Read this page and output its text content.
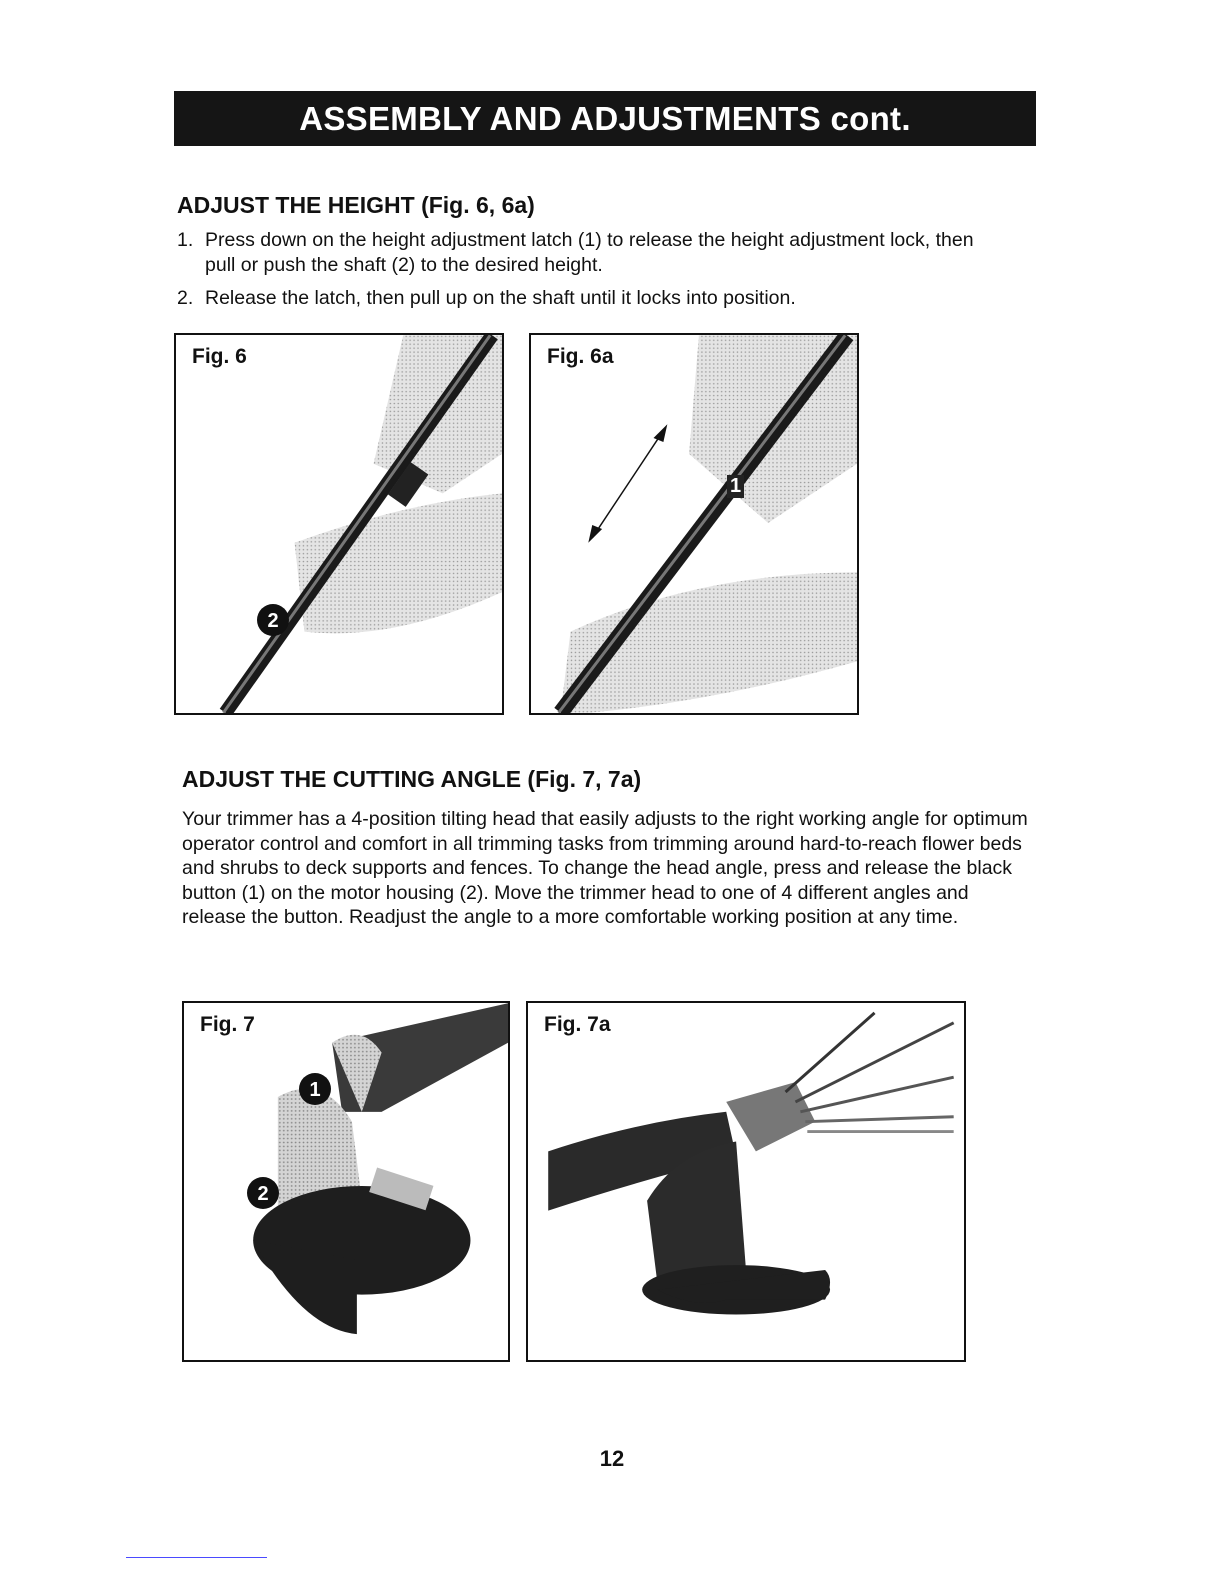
ASSEMBLY AND ADJUSTMENTS cont.
ADJUST THE HEIGHT (Fig. 6, 6a)
1. Press down on the height adjustment latch (1) to release the height adjustment lock, then pull or push the shaft (2) to the desired height.
2. Release the latch, then pull up on the shaft until it locks into position.
Fig. 6
2
Fig. 6a
1
ADJUST THE CUTTING ANGLE (Fig. 7, 7a)

Your trimmer has a 4-position tilting head that easily adjusts to the right working angle for optimum operator control and comfort in all trimming tasks from trimming around hard-to-reach flower beds and shrubs to deck supports and fences. To change the head angle, press and release the black button (1) on the motor housing (2). Move the trimmer head to one of 4 different angles and release the button. Readjust the angle to a more comfortable working position at any time.

Fig. 7
1
2
Fig. 7a
12
